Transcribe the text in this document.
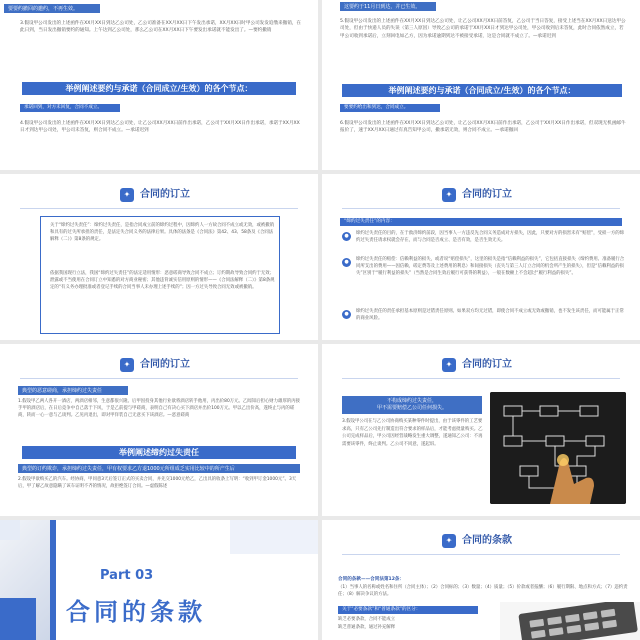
要要约撤回的邀约，不再生效。
3.假设甲公司发出的上述函件在XX月XX日到达乙公司处，乙公司准备在XX月XX日下午发出承诺，XX月XX日时甲公司发发追缴来撤销，在此日到，当日发出撤销要约的通知。上午达到乙公司处，那么乙公司在XX月XX日下午要发出承诺就不能发出了。—要约撤销
举例阐述要约与承诺（合同成立/生效）的各个节点：
承诺回到，对方未回复，合同不成立。
4.假设甲公司发出的上述函件在XX月XX日到达乙公司处，让乙公司XX月XX日前作出承诺，乙公司于XX月XX日作出承诺，承诺于XX月XX日才到达甲公司处，甲公司未答复，则合同不成立。—承诺迟到
这要约于11月日到达，并已生效。
5.假设甲公司发出的上述函件在XX月XX日到达乙公司处，让乙公司XX月XX日前答复，乙公司于当日答复，接受上述当在XX月XX日送达甲公司处，但由于快递人员的失误（第三人原因）导致乙公司的承诺于XX月XX日才到达甲公司处，甲公司收到后未答复，此时合同依然成立，若甲公司收到承诺后，立刻回电如乙方，因为承诺逾期到达不被接受承诺，这是合同就不成立了。—承诺迟到
举例阐述要约与承诺（合同成立/生效）的各个节点：
要要约给出和到达，合同成立。
6.假设甲公司发出的上述函件在XX月XX日到达乙公司处，让乙公司XX月XX日前作出承诺，乙公司于XX月XX日作出承诺，但双现无机函邮牛报价了，速于XX月XX日通过有真告知甲公司，撤承诺无效，则合同不成立。—承诺撤回
✦ 合同的订立
关于“缔约过失责任”：缔约过失责任，是指合同成立前的缔约过程中，因缔约人一方故合同不成立或无效，或被撤销和具有的过失所承担的责任，是法定失合同义务的法律后果。具体的法条是《合同法》第42、43、58条及《合同法解释（二）》第8条的规定。
依据我国现行立法，我国“缔约过失责任”的法定适用情形：恶意磋商导致合同不成立；订约期故导致合同约于无效；泄露或不当使用在合同订立中知悉的对方商业秘密；其他违背诚实信用原则的情形——《合同法解释（二）》第8条规定的“有义务办理批准或者登记手续的合同当事人未办理上述手续的”；因一方过失导致合同无效或被撤销。
✦ 合同的订立
“缔约过失责任”的内容：
●	缔约过失责任的目的，在于救济缔约前段，因当事人一方违反先合同义务造成对方损失，因此，只要对方的损害未有“赔偿”，受损一方的缔约过失责任请求权就会存在，而与合同是否成立、是否有效，是否生效无关。
●	缔约过失责任的赔偿：信赖利益的损失，或者说“赔偿损失”，这里的损失是指“信赖利益的损失”，它包括直接损失（缔约费用、准备履行合同所支出的费用——因信赖，磋定费等及上述费用的利息）和间接损失（丧失与第三人订立合同的机会所产生的损失），但是“信赖利益的损失”区别于“履行利益的损失”（当然是合同生效后履行可获得的利益），一般在数额上不会超过“履行利益的损失”。
●	缔约过失责任的责任承担基本原则是过错责任原则。如果双方均无过错，即使合同不成立或无效或撤销，也不发生该责任，而可能属于正常的商业风险。
✦ 合同的订立
典型的恶意磋商，承担缔约过失责任
1.假设甲乙两人各开一酒店，两酒店相邻，生意都很兴隆。后甲因投身其他行业欲将酒店转手他用，丙出价80万元。乙闻知后担心财力雄厚的丙接手甲的酒店后，在日后竞争中自己落于下风，于是乙前提与甲磋商，表明自己有决心买下酒店并出价100万元。甲以乙出价高，遂终止与丙的磋商，转而一心一意与乙谈判。乙见丙退出，即对甲佯装自己无意买下该酒店。—恶意磋商
举例阐述缔约过失责任
典型的订约欺诈，承担缔约过失责任，甲有权要求乙方退1000元所组成乏实用比较中的所产生后
2.假设甲欲购买乙的汽车。经协商，甲同意3天后签订正式的买卖合同，并先交1000元给乙，乙出具的收条上写明：“收到甲订金1000元”。3天后，甲了解乙故意隐瞒了该车证明不齐的情况，故拒绝签订合同。—虚假陈述
✦ 合同的订立
不构成缔约过失责任，
甲不需要赔偿乙公司任何损失。
3.假设甲公司在与乙公司协商购买某种零件时提出，由于该零件的工艺要求高，只有乙公司先行制造出符合要求的样品后，才能考虑批量购买。乙公司完成样品后，甲公司因经营战略发生重大调整，遂通知乙公司：不再需要该零件，终止谈判。乙公司不同意，遂起诉。
Part 03
合同的条款
✦ 合同的条款
合同的条款——合同法第12条：
（1）当事人的名称或姓名和住所（合同主体）；（2）合同标的；（3）数量；（4）质量；（5）价款或者报酬；（6）履行期限、地点和方式；（7）违约责任；（8）解决争议的方法。
关于“必要条款”和“普通条款”的区分：
缺乏必要条款，合同不能成立
缺乏普通条款，通过补充解释
